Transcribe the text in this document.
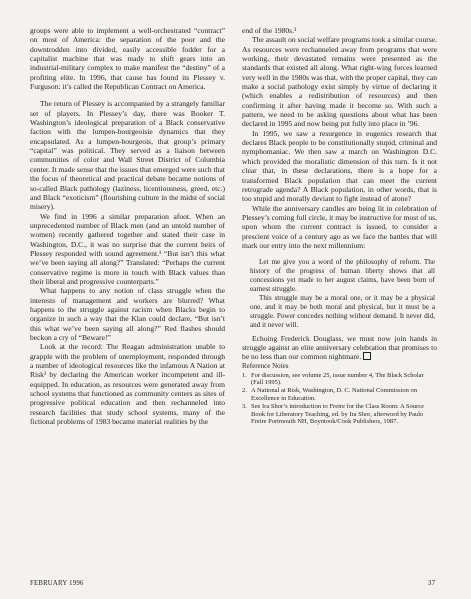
groups were able to implement a well-orchestrated “contract” on most of America: the separation of the poor and the downtrodden into divided, easily accessible fodder for a capitalist machine that was ready to shift gears into an industrial-military complex to make manifest the “destiny” of a profiting elite. In 1996, that cause has found its Plessey v. Furguson: it’s called the Republican Contract on America.

The return of Plessey is accompanied by a strangely familiar set of players. In Plessey’s day, there was Booker T. Washington’s ideological preparation of a Black conservative faction with the lumpen-bourgeoisie dynamics that they encapsulated. As a lumpen-bourgeois, that group’s primary “capital” was political. They served as a liaison between communities of color and Wall Street District of Columbia center. It made sense that the issues that emerged were such that the focus of theoretical and practical debate became notions of so-called Black pathology (laziness, licentiousness, greed, etc.) and Black “exoticism” (flourishing culture in the midst of social misery).

We find in 1996 a similar preparation afoot. When an unprecedented number of Black men (and an untold number of women) recently gathered together and stated their case in Washington, D.C., it was no surprise that the current heirs of Plessey responded with sound agreement.¹ “But isn’t this what we’ve been saying all along?” Translated: “Perhaps the current conservative regime is more in touch with Black values than their liberal and progressive counterparts.”

What happens to any notion of class struggle when the interests of management and workers are blurred? What happens to the struggle against racism when Blacks begin to organize in such a way that the Klan could declare, “But isn’t this what we’ve been saying all along?” Red flashes should beckon a cry of “Beware!”

Look at the record: The Reagan administration unable to grapple with the problem of unemployment, responded through a number of ideological resources like the infamous A Nation at Risk² by declaring the American worker incompetent and ill-equipped. In education, as resources were generated away from school systems that functioned as community centers as sites of progressive political education and then rechanneled into research facilities that study school systems, many of the fictional problems of 1983 became material realities by the

end of the 1980s.³

The assault on social welfare programs took a similar course. As resources were rechanneled away from programs that were working, their devastated remains were presented as the standards that existed all along. What right-wing forces learned very well in the 1980s was that, with the proper capital, they can make a social pathology exist simply by virtue of declaring it (which enables a redistribution of resources) and then confirming it after having made it become so. With such a pattern, we need to be asking questions about what has been declared in 1995 and now being put fully into place in ’96.

In 1995, we saw a resurgence in eugenics research that declares Black people to be constitutionally stupid, criminal and nymphomaniac. We then saw a march on Washington D.C. which provided the moralistic dimension of this turn. Is it not clear that, in these declarations, there is a hope for a transformed Black population that can meet the current retrograde agenda? A Black population, in other words, that is too stupid and morally deviant to fight instead of atone?

While the anniversary candles are being lit in celebration of Plessey’s coming full circle, it may be instructive for most of us, upon whom the current contract is issued, to consider a prescient voice of a century ago as we face the battles that will mark our entry into the next millennium:

Let me give you a word of the philosophy of reform. The history of the progress of human liberty shows that all concessions yet made to her august claims, have been born of earnest struggle.

This struggle may be a moral one, or it may be a physical one, and it may be both moral and physical, but it must be a struggle. Power concedes nothing without demand. It never did, and it never will.

Echoing Frederick Douglass, we must now join hands in struggle against an elite anniversary celebration that promises to be no less than our common nightmare.

Reference Notes

1. For discussion, see volume 25, issue number 4, The Black Scholar (Fall 1995).
2. A National at Risk, Washington, D. C. National Commission on Excellence in Education.
3. See Ira Shor’s introduction to Freire for the Class Room: A Source Book for Liberatory Teaching, ed. by Ira Shor, afterword by Paulo Freire Portmouth NH, Boyntook/Cook Publishers, 1987.
FEBRUARY 1996	37
